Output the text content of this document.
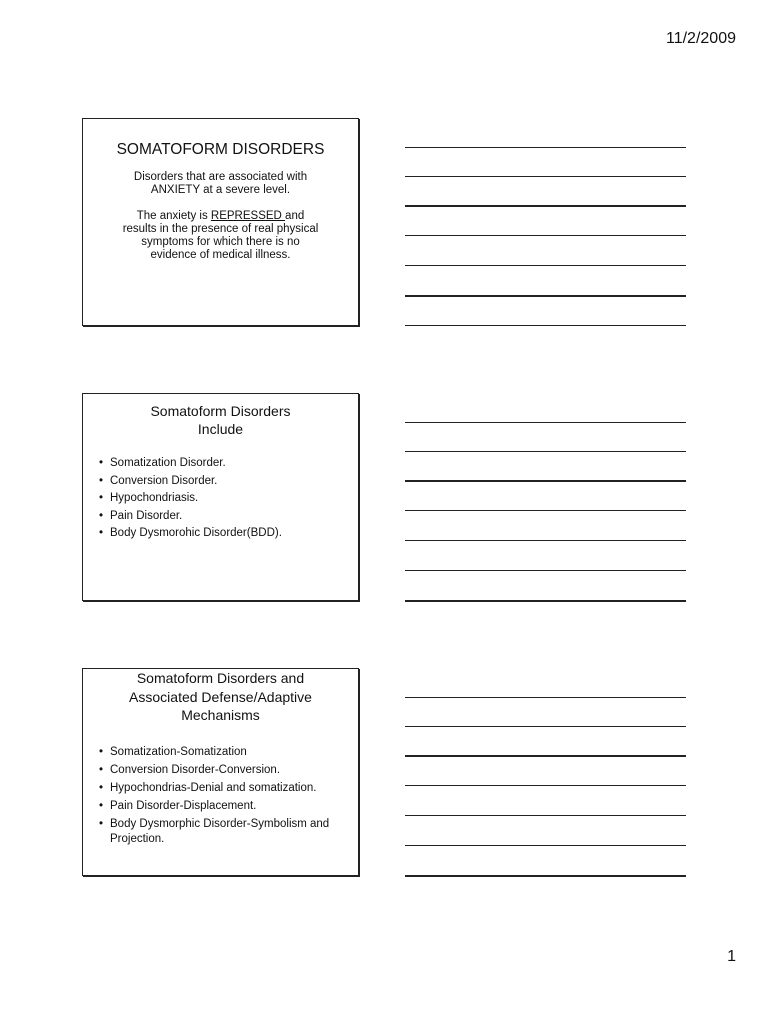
11/2/2009
SOMATOFORM DISORDERS

Disorders that are associated with ANXIETY at a severe level.

The anxiety is REPRESSED and results in the presence of real physical symptoms for which there is no evidence of medical illness.

Somatoform Disorders
Include
• Somatization Disorder.
• Conversion Disorder.
• Hypochondriasis.
• Pain Disorder.
• Body Dysmorohic Disorder(BDD).
Somatoform Disorders and
Associated Defense/Adaptive
Mechanisms
• Somatization-Somatization
• Conversion Disorder-Conversion.
• Hypochondrias-Denial and somatization.
• Pain Disorder-Displacement.
• Body Dysmorphic Disorder-Symbolism and Projection.
1
